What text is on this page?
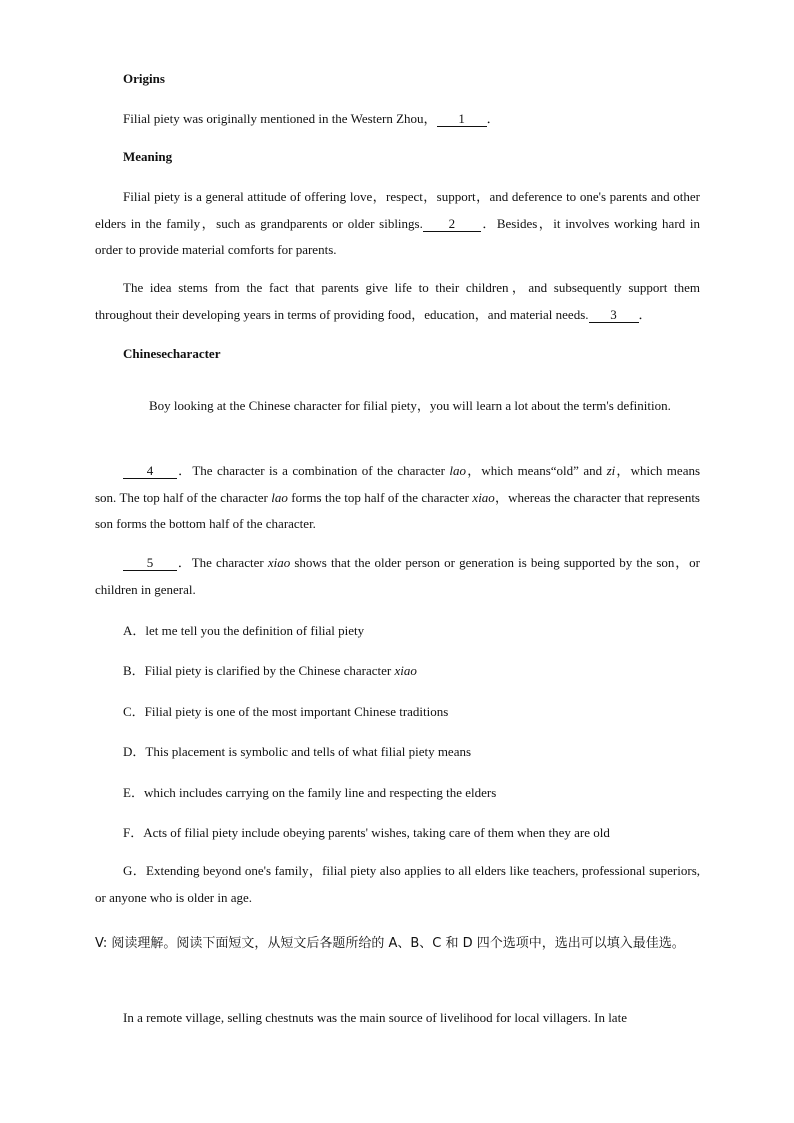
Origins
Filial piety was originally mentioned in the Western Zhou， 1 ．
Meaning
Filial piety is a general attitude of offering love，respect，support，and deference to one's parents and other elders in the family，such as grandparents or older siblings. 2 ．Besides，it involves working hard in order to provide material comforts for parents.
The idea stems from the fact that parents give life to their children，and subsequently support them throughout their developing years in terms of providing food，education，and material needs. 3 ．
Chinesecharacter
Boy looking at the Chinese character for filial piety，you will learn a lot about the term's definition.
4 ．The character is a combination of the character lao，which means“old” and zi，which means son. The top half of the character lao forms the top half of the character xiao，whereas the character that represents son forms the bottom half of the character.
5 ．The character xiao shows that the older person or generation is being supported by the son，or children in general.
A．let me tell you the definition of filial piety
B．Filial piety is clarified by the Chinese character xiao
C．Filial piety is one of the most important Chinese traditions
D．This placement is symbolic and tells of what filial piety means
E．which includes carrying on the family line and respecting the elders
F．Acts of filial piety include obeying parents' wishes, taking care of them when they are old
G．Extending beyond one's family，filial piety also applies to all elders like teachers, professional superiors, or anyone who is older in age.
V: 阅读理解。阅读下面短文，从短文后各题所给的 A、B、C 和 D 四个选项中，选出可以填入最佳选。
In a remote village, selling chestnuts was the main source of livelihood for local villagers. In late
